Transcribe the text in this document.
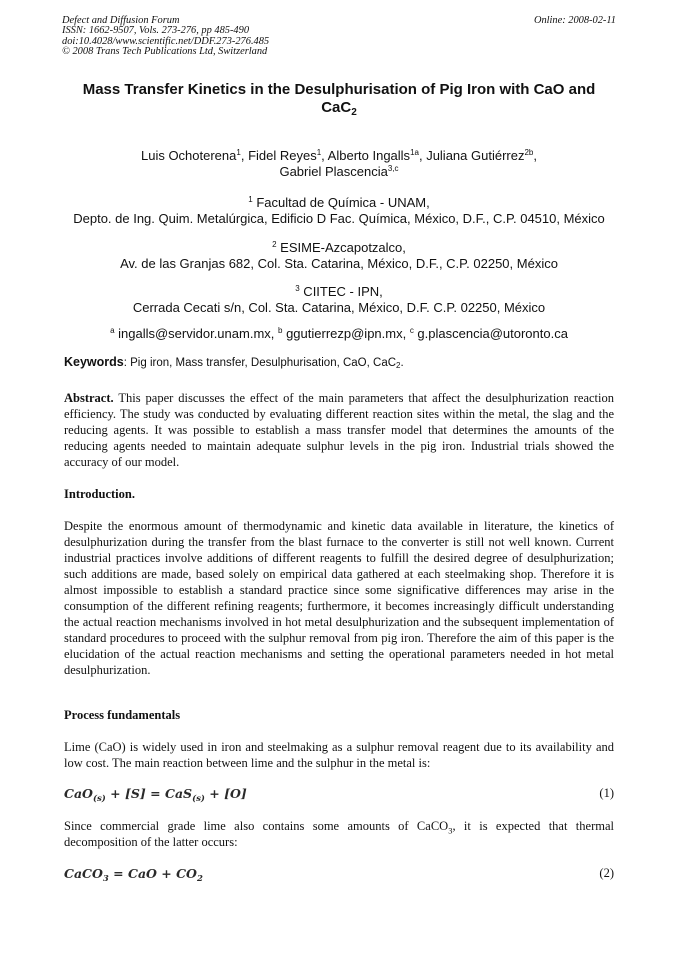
Defect and Diffusion Forum
ISSN: 1662-9507, Vols. 273-276, pp 485-490
doi:10.4028/www.scientific.net/DDF.273-276.485
© 2008 Trans Tech Publications Ltd, Switzerland
Online: 2008-02-11
Mass Transfer Kinetics in the Desulphurisation of Pig Iron with CaO and
CaC$_2$
Luis Ochoterena$^1$, Fidel Reyes$^1$, Alberto Ingalls$^{1a}$, Juliana Gutiérrez$^{2b}$,
Gabriel Plascencia$^{3,c}$
$^1$ Facultad de Química - UNAM,
Depto. de Ing. Quim. Metalúrgica, Edificio D Fac. Química, México, D.F., C.P. 04510, México
$^2$ ESIME-Azcapotzalco,
Av. de las Granjas 682, Col. Sta. Catarina, México, D.F., C.P. 02250, México
$^3$ CIITEC - IPN,
Cerrada Cecati s/n, Col. Sta. Catarina, México, D.F. C.P. 02250, México
$^a$ ingalls@servidor.unam.mx, $^b$ ggutierrezp@ipn.mx, $^c$ g.plascencia@utoronto.ca
Keywords: Pig iron, Mass transfer, Desulphurisation, CaO, CaC$_2$.
Abstract. This paper discusses the effect of the main parameters that affect the desulphurization reaction efficiency. The study was conducted by evaluating different reaction sites within the metal, the slag and the reducing agents. It was possible to establish a mass transfer model that determines the amounts of the reducing agents needed to maintain adequate sulphur levels in the pig iron. Industrial trials showed the accuracy of our model.
Introduction.
Despite the enormous amount of thermodynamic and kinetic data available in literature, the kinetics of desulphurization during the transfer from the blast furnace to the converter is still not well known. Current industrial practices involve additions of different reagents to fulfill the desired degree of desulphurization; such additions are made, based solely on empirical data gathered at each steelmaking shop. Therefore it is almost impossible to establish a standard practice since some significative differences may arise in the consumption of the different refining reagents; furthermore, it becomes increasingly difficult understanding the actual reaction mechanisms involved in hot metal desulphurization and the subsequent implementation of standard procedures to proceed with the sulphur removal from pig iron. Therefore the aim of this paper is the elucidation of the actual reaction mechanisms and setting the operational parameters needed in hot metal desulphurization.
Process fundamentals
Lime (CaO) is widely used in iron and steelmaking as a sulphur removal reagent due to its availability and low cost. The main reaction between lime and the sulphur in the metal is:
CaO$_{(s)}$ + [S] = CaS$_{(s)}$ + [O]	(1)
Since commercial grade lime also contains some amounts of CaCO$_3$, it is expected that thermal decomposition of the latter occurs:
CaCO$_3$ = CaO + $CO_2$	(2)
